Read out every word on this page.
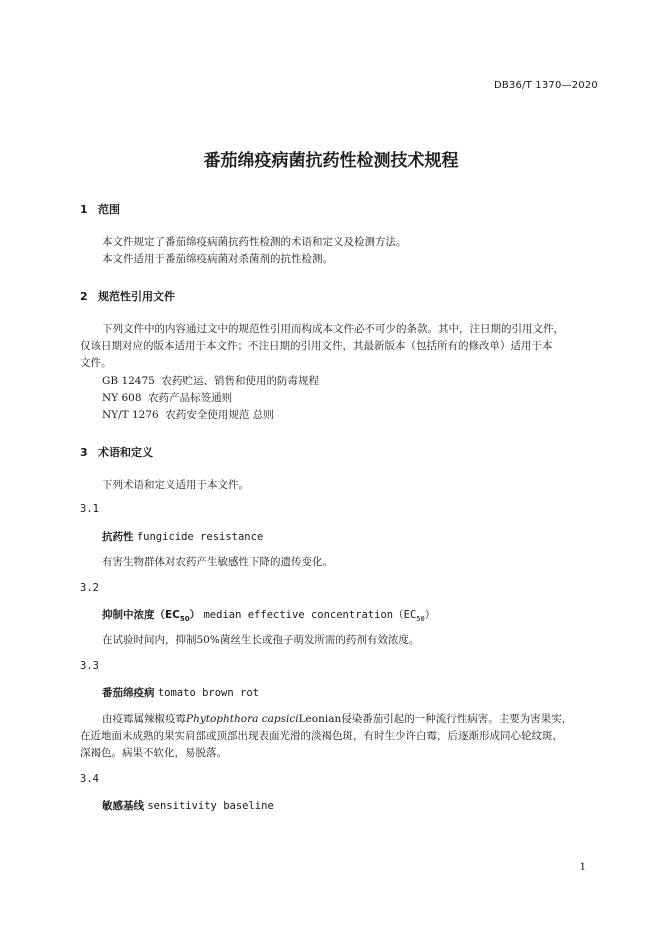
DB36/T 1370—2020
番茄绵疫病菌抗药性检测技术规程
1 范围
本文件规定了番茄绵疫病菌抗药性检测的术语和定义及检测方法。
本文件适用于番茄绵疫病菌对杀菌剂的抗性检测。
2 规范性引用文件
下列文件中的内容通过文中的规范性引用而构成本文件必不可少的条款。其中，注日期的引用文件，
仅该日期对应的版本适用于本文件；不注日期的引用文件，其最新版本（包括所有的修改单）适用于本
文件。
GB 12475  农药贮运、销售和使用的防毒规程
NY 608  农药产品标签通则
NY/T 1276  农药安全使用规范 总则
3 术语和定义
下列术语和定义适用于本文件。
3.1
抗药性 fungicide resistance
有害生物群体对农药产生敏感性下降的遗传变化。
3.2
抑制中浓度$(EC_{50})$ median effective $concentration(EC_{50})$
在试验时间内，抑制50%菌丝生长或孢子萌发所需的药剂有效浓度。
3.3
番茄绵疫病 tomato brown rot
由疫霉属辣椒疫霉Phytophthora capsiciLeonian侵染番茄引起的一种流行性病害。主要为害果实，
在近地面未成熟的果实肩部或顶部出现表面光滑的淡褐色斑，有时生少许白霉，后逐渐形成同心轮纹斑，
深褐色。病果不软化，易脱落。
3.4
敏感基线 sensitivity baseline
1
